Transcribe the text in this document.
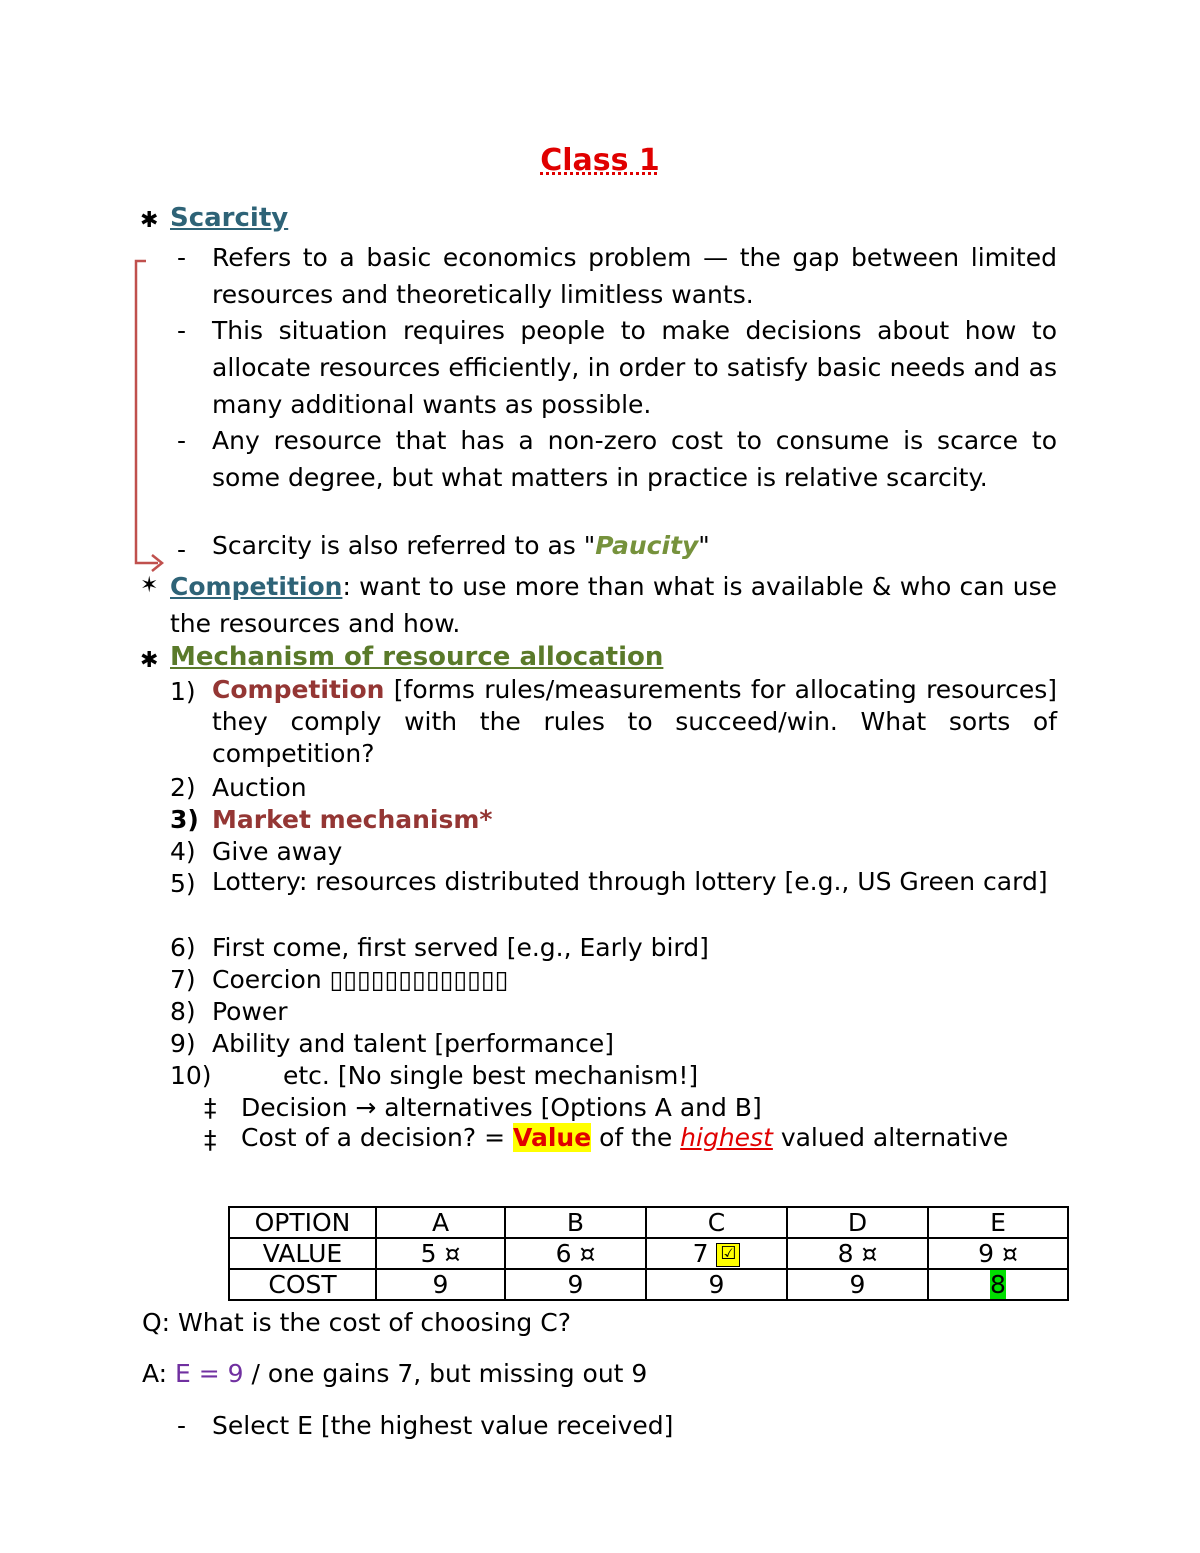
Class 1
✱ Scarcity
- Refers to a basic economics problem — the gap between limited resources and theoretically limitless wants.
- This situation requires people to make decisions about how to allocate resources efficiently, in order to satisfy basic needs and as many additional wants as possible.
- Any resource that has a non-zero cost to consume is scarce to some degree, but what matters in practice is relative scarcity.
- Scarcity is also referred to as "Paucity"
✶ Competition: want to use more than what is available & who can use the resources and how.
✱ Mechanism of resource allocation
1) Competition [forms rules/measurements for allocating resources] they comply with the rules to succeed/win. What sorts of competition?
2) Auction
3) Market mechanism*
4) Give away
5) Lottery: resources distributed through lottery [e.g., US Green card]
6) First come, first served [e.g., Early bird]
7) Coercion ▯▯▯▯▯▯▯▯▯▯▯▯▯
8) Power
9) Ability and talent [performance]
10)	etc. [No single best mechanism!]
‡ Decision → alternatives [Options A and B]
‡ Cost of a decision? = Value of the highest valued alternative
OPTION	A	B	C	D	E
VALUE	5 ¤	6 ¤	7 ☑	8 ¤	9 ¤
COST	9	9	9	9	8
Q: What is the cost of choosing C?
A: E = 9 / one gains 7, but missing out 9
- Select E [the highest value received]
